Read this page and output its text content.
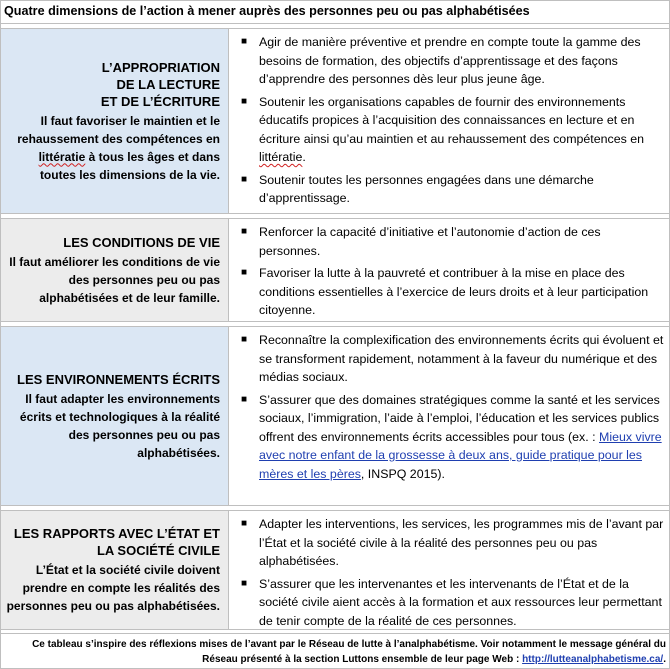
Quatre dimensions de l’action à mener auprès des personnes peu ou pas alphabétisées
L’APPROPRIATION
DE LA LECTURE
ET DE L’ÉCRITURE
Il faut favoriser le maintien et le rehaussement des compétences en littératie à tous les âges et dans toutes les dimensions de la vie.
■ Agir de manière préventive et prendre en compte toute la gamme des besoins de formation, des objectifs d’apprentissage et des façons d’apprendre des personnes dès leur plus jeune âge.
■ Soutenir les organisations capables de fournir des environnements éducatifs propices à l’acquisition des connaissances en lecture et en écriture ainsi qu’au maintien et au rehaussement des compétences en littératie.
■ Soutenir toutes les personnes engagées dans une démarche d’apprentissage.
LES CONDITIONS DE VIE
Il faut améliorer les conditions de vie des personnes peu ou pas alphabétisées et de leur famille.
■ Renforcer la capacité d’initiative et l’autonomie d’action de ces personnes.
■ Favoriser la lutte à la pauvreté et contribuer à la mise en place des conditions essentielles à l’exercice de leurs droits et à leur participation citoyenne.
LES ENVIRONNEMENTS ÉCRITS
Il faut adapter les environnements écrits et technologiques à la réalité des personnes peu ou pas alphabétisées.
■ Reconnaître la complexification des environnements écrits qui évoluent et se transforment rapidement, notamment à la faveur du numérique et des médias sociaux.
■ S’assurer que des domaines stratégiques comme la santé et les services sociaux, l’immigration, l’aide à l’emploi, l’éducation et les services publics offrent des environnements écrits accessibles pour tous (ex. : Mieux vivre avec notre enfant de la grossesse à deux ans, guide pratique pour les mères et les pères, INSPQ 2015).
LES RAPPORTS AVEC L’ÉTAT ET
LA SOCIÉTÉ CIVILE
L’État et la société civile doivent prendre en compte les réalités des personnes peu ou pas alphabétisées.
■ Adapter les interventions, les services, les programmes mis de l’avant par l’État et la société civile à la réalité des personnes peu ou pas alphabétisées.
■ S’assurer que les intervenantes et les intervenants de l’État et de la société civile aient accès à la formation et aux ressources leur permettant de tenir compte de la réalité de ces personnes.
Ce tableau s’inspire des réflexions mises de l’avant par le Réseau de lutte à l’analphabétisme. Voir notamment le message général du Réseau présenté à la section Luttons ensemble de leur page Web : http://lutteanalphabetisme.ca/.
